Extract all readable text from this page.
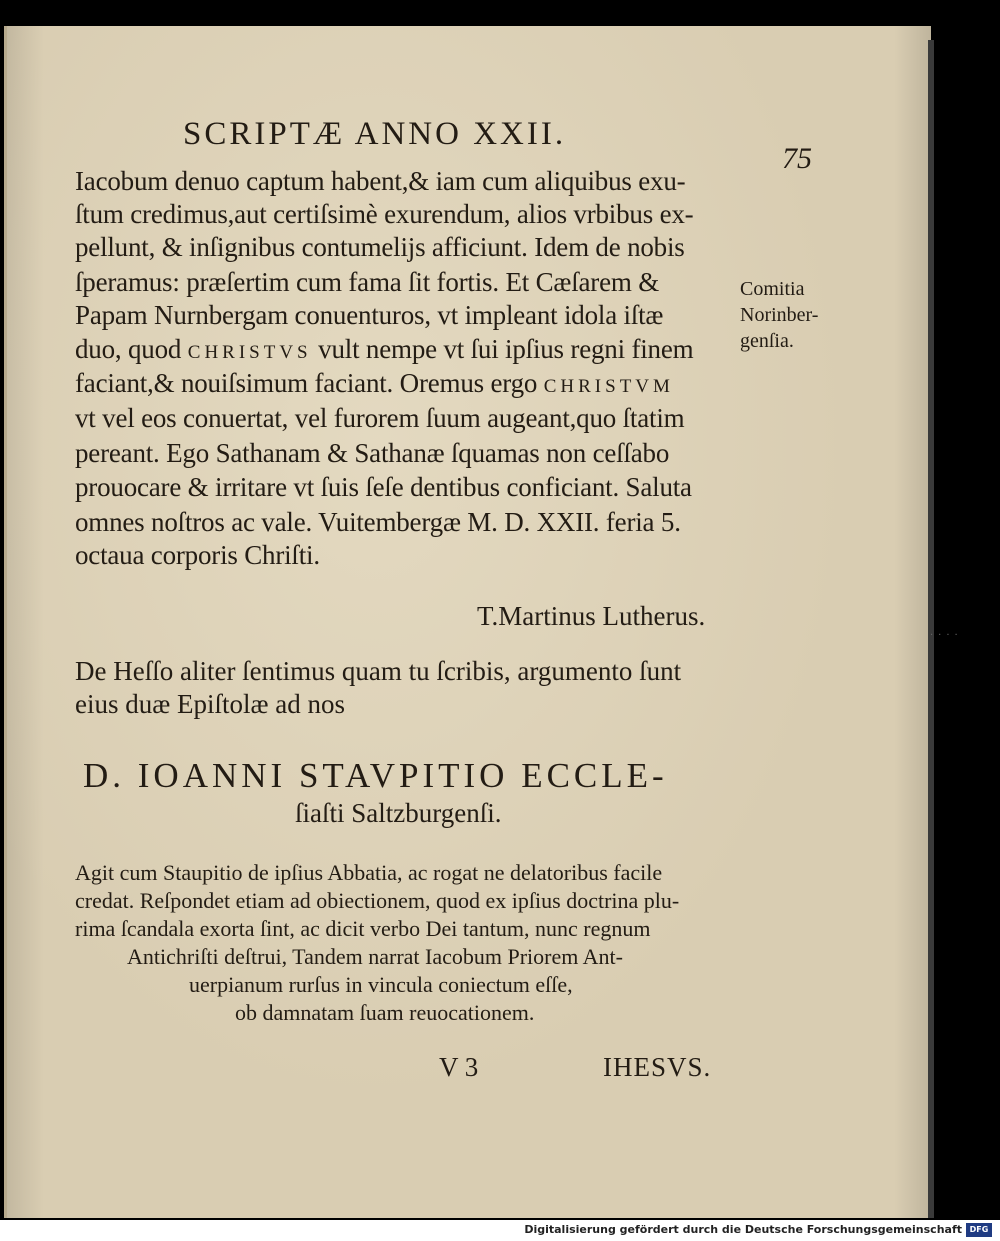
SCRIPTÆ ANNO XXII.
75
Iacobum denuo captum habent,& iam cum aliquibus exu-
ſtum credimus,aut certiſsimè exurendum, alios vrbibus ex-
pellunt, & inſignibus contumelijs afficiunt. Idem de nobis
ſperamus: præſertim cum fama ſit fortis. Et Cæſarem &
Papam Nurnbergam conuenturos, vt impleant idola iſtæ
duo, quod CHRISTVS vult nempe vt ſui ipſius regni finem
faciant,& nouiſsimum faciant. Oremus ergo CHRISTVM
vt vel eos conuertat, vel furorem ſuum augeant,quo ſtatim
pereant. Ego Sathanam & Sathanæ ſquamas non ceſſabo
prouocare & irritare vt ſuis ſeſe dentibus conficiant. Saluta
omnes noſtros ac vale. Vuitembergæ M. D. XXII. feria 5.
octaua corporis Chriſti.
Comitia
Norinber-
genſia.
T.Martinus Lutherus.
De Heſſo aliter ſentimus quam tu ſcribis, argumento ſunt
eius duæ Epiſtolæ ad nos
D. IOANNI STAVPITIO ECCLE-
ſiaſti Saltzburgenſi.
Agit cum Staupitio de ipſius Abbatia, ac rogat ne delatoribus facile
credat. Reſpondet etiam ad obiectionem, quod ex ipſius doctrina plu-
rima ſcandala exorta ſint, ac dicit verbo Dei tantum, nunc regnum
Antichriſti deſtrui, Tandem narrat Iacobum Priorem Ant-
uerpianum rurſus in vincula coniectum eſſe,
ob damnatam ſuam reuocationem.
V 3	IHESVS.
····
Digitalisierung gefördert durch die Deutsche Forschungsgemeinschaft DFG
